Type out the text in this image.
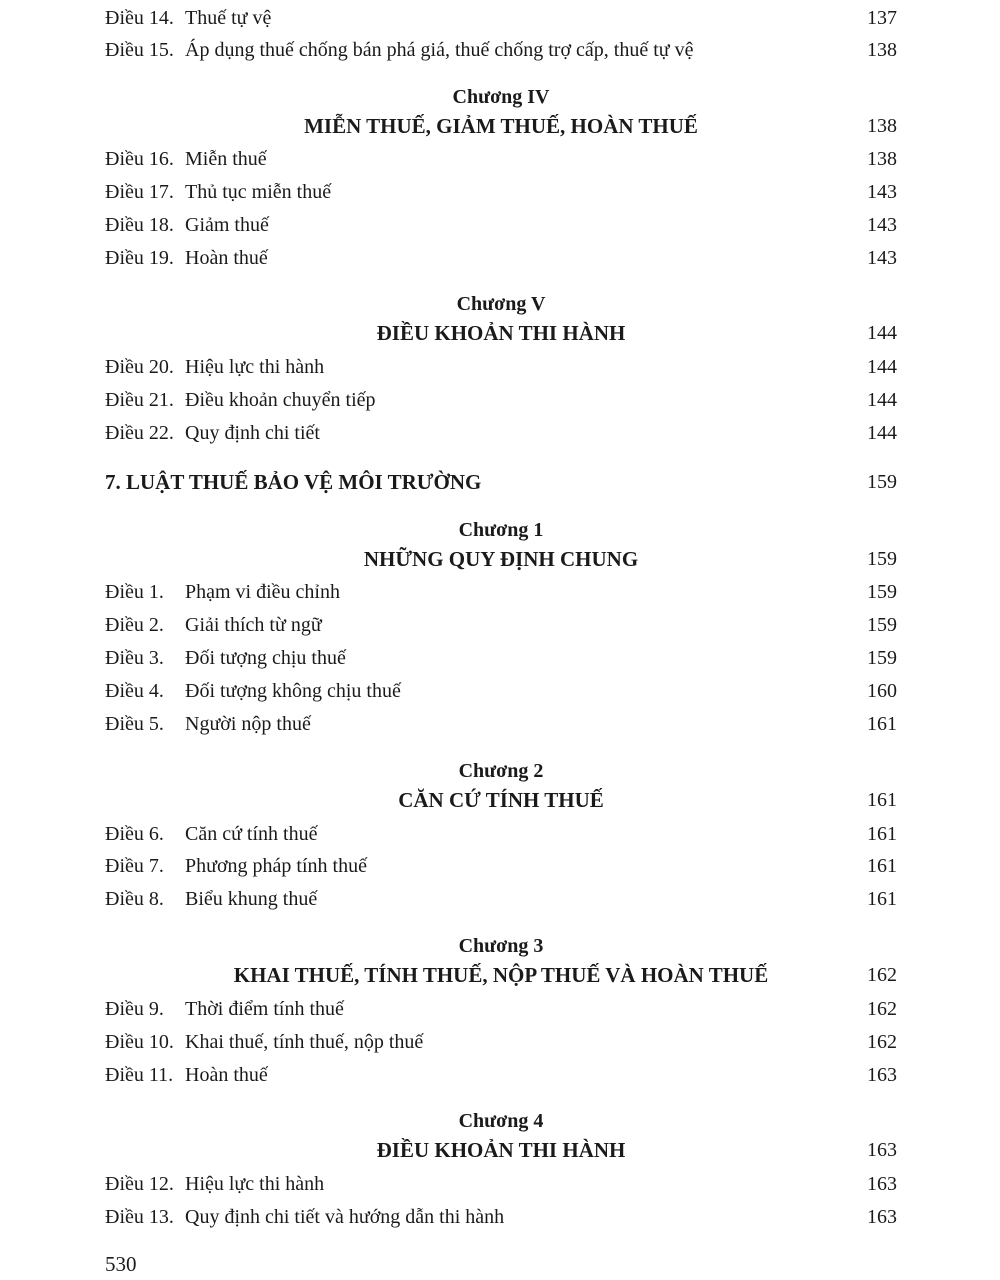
Điều 14. Thuế tự vệ	137
Điều 15. Áp dụng thuế chống bán phá giá, thuế chống trợ cấp, thuế tự vệ	138
Chương IV
MIỄN THUẾ, GIẢM THUẾ, HOÀN THUẾ	138
Điều 16. Miễn thuế	138
Điều 17. Thủ tục miễn thuế	143
Điều 18. Giảm thuế	143
Điều 19. Hoàn thuế	143
Chương V
ĐIỀU KHOẢN THI HÀNH	144
Điều 20. Hiệu lực thi hành	144
Điều 21. Điều khoản chuyển tiếp	144
Điều 22. Quy định chi tiết	144
7. LUẬT THUẾ BẢO VỆ MÔI TRƯỜNG	159
Chương 1
NHỮNG QUY ĐỊNH CHUNG	159
Điều 1. Phạm vi điều chỉnh	159
Điều 2. Giải thích từ ngữ	159
Điều 3. Đối tượng chịu thuế	159
Điều 4. Đối tượng không chịu thuế	160
Điều 5. Người nộp thuế	161
Chương 2
CĂN CỨ TÍNH THUẾ	161
Điều 6. Căn cứ tính thuế	161
Điều 7. Phương pháp tính thuế	161
Điều 8. Biểu khung thuế	161
Chương 3
KHAI THUẾ, TÍNH THUẾ, NỘP THUẾ VÀ HOÀN THUẾ	162
Điều 9. Thời điểm tính thuế	162
Điều 10. Khai thuế, tính thuế, nộp thuế	162
Điều 11. Hoàn thuế	163
Chương 4
ĐIỀU KHOẢN THI HÀNH	163
Điều 12. Hiệu lực thi hành	163
Điều 13. Quy định chi tiết và hướng dẫn thi hành	163
530
